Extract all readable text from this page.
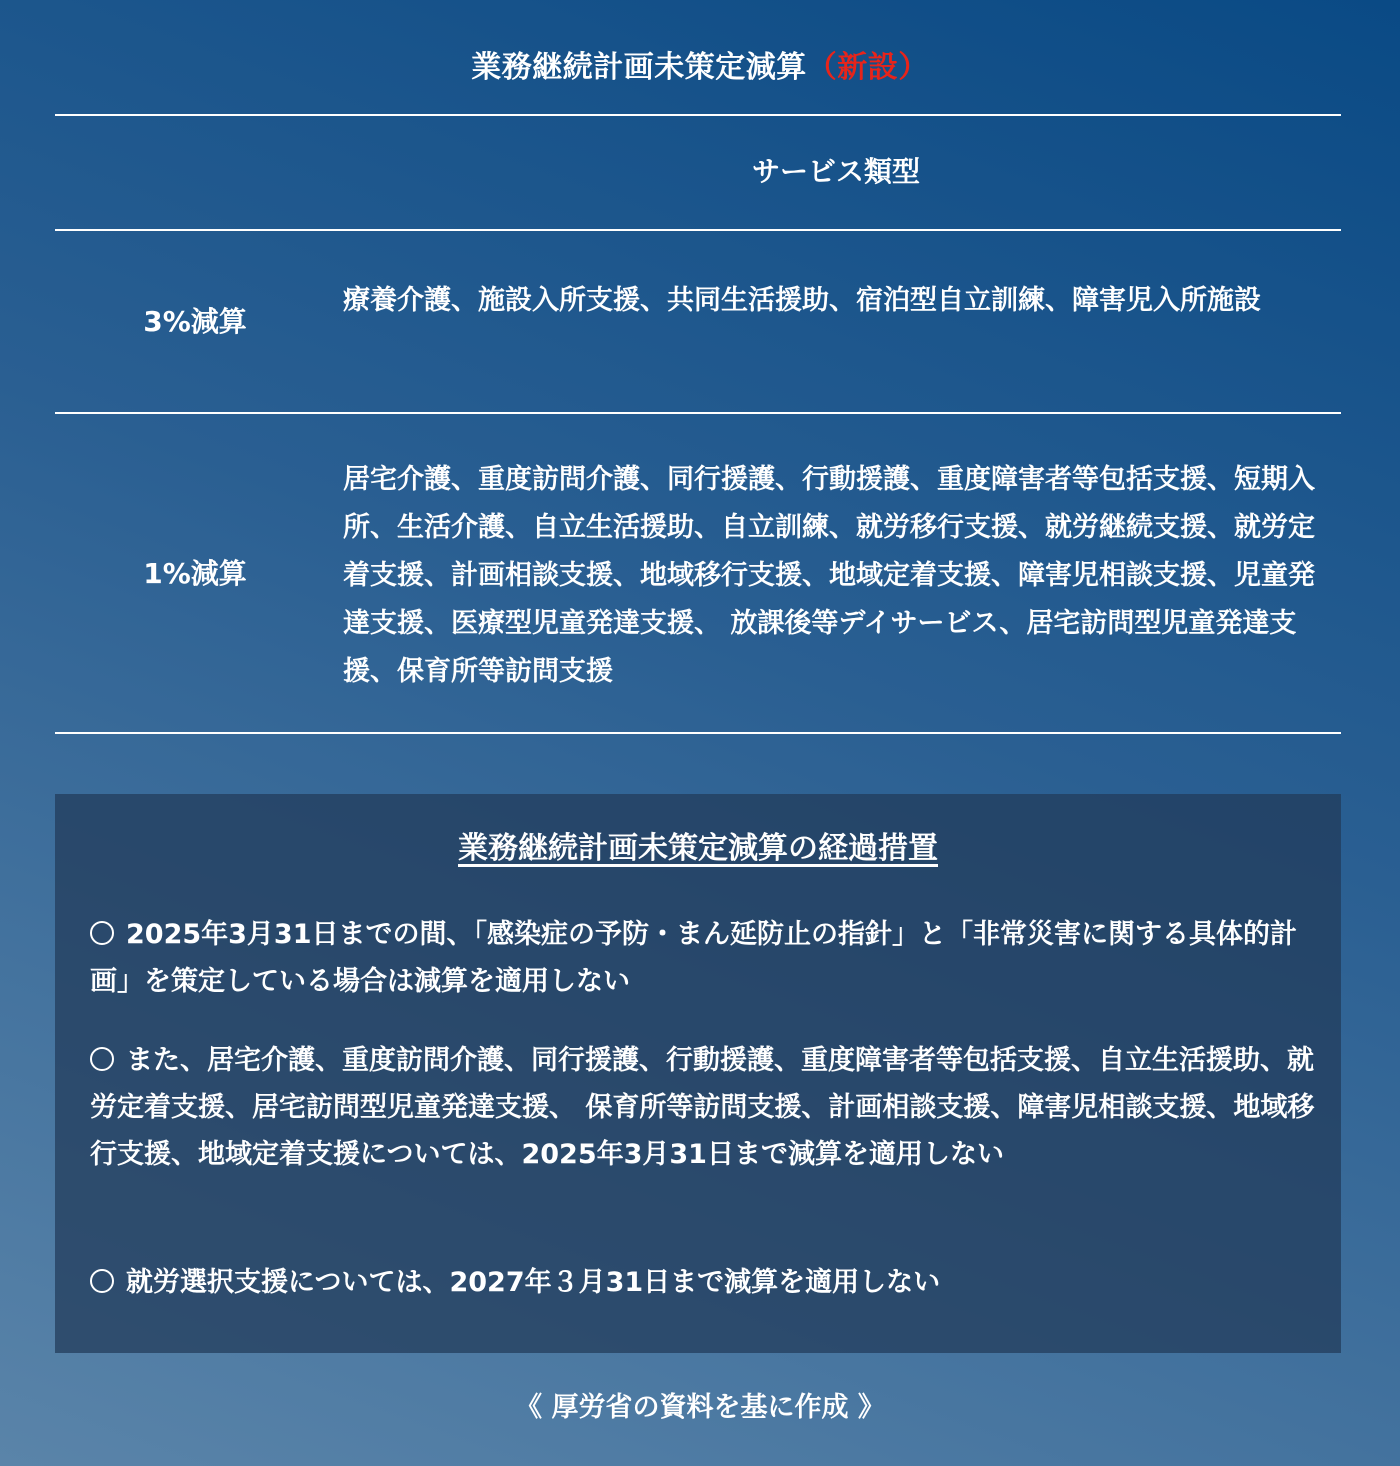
業務継続計画未策定減算（新設）
サービス類型
3%減算
療養介護、施設入所支援、共同生活援助、宿泊型自立訓練、障害児入所施設
1%減算
居宅介護、重度訪問介護、同行援護、行動援護、重度障害者等包括支援、短期入所、生活介護、自立生活援助、自立訓練、就労移行支援、就労継続支援、就労定着支援、計画相談支援、地域移行支援、地域定着支援、障害児相談支援、児童発達支援、医療型児童発達支援、 放課後等デイサービス、居宅訪問型児童発達支援、保育所等訪問支援
業務継続計画未策定減算の経過措置
2025年3月31日までの間、「感染症の予防・まん延防止の指針」と「非常災害に関する具体的計画」を策定している場合は減算を適用しない
また、居宅介護、重度訪問介護、同行援護、行動援護、重度障害者等包括支援、自立生活援助、就労定着支援、居宅訪問型児童発達支援、 保育所等訪問支援、計画相談支援、障害児相談支援、地域移行支援、地域定着支援については、2025年3月31日まで減算を適用しない
就労選択支援については、2027年３月31日まで減算を適用しない
《 厚労省の資料を基に作成 》
